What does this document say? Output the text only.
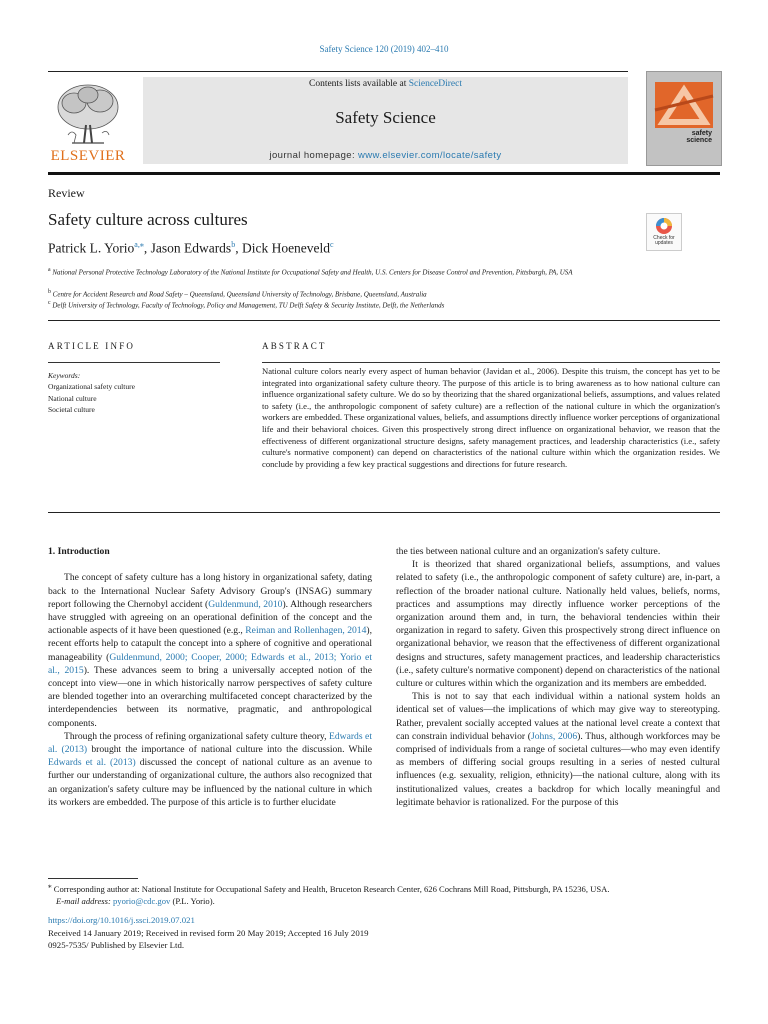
Safety Science 120 (2019) 402–410
ELSEVIER
Contents lists available at ScienceDirect
Safety Science
journal homepage: www.elsevier.com/locate/safety
safety
science
Review
Safety culture across cultures
Patrick L. Yorio$^{a,⁎}$, Jason Edwards$^b$, Dick Hoeneveld$^c$
Check for
updates
$^a$ National Personal Protective Technology Laboratory of the National Institute for Occupational Safety and Health, U.S. Centers for Disease Control and Prevention, Pittsburgh, PA, USA
$^b$ Centre for Accident Research and Road Safety – Queensland, Queensland University of Technology, Brisbane, Queensland, Australia
$^c$ Delft University of Technology, Faculty of Technology, Policy and Management, TU Delft Safety & Security Institute, Delft, the Netherlands
ARTICLE INFO	ABSTRACT
Keywords:
Organizational safety culture
National culture
Societal culture
National culture colors nearly every aspect of human behavior (Javidan et al., 2006). Despite this truism, the concept has yet to be integrated into organizational safety culture theory. The purpose of this article is to bring awareness as to how national culture can influence organizational safety culture. We do so by theorizing that the shared organizational beliefs, assumptions, and values related to safety (i.e., the anthropologic component of safety culture) are a reflection of the national culture in which the organization's workers are embedded. These organizational values, beliefs, and assumptions directly influence worker perceptions of organizational life and their behavioral choices. Given this prospectively strong direct influence on organizational behavior, we reason that the effectiveness of different organizational structure designs, safety management practices, and leadership characteristics (i.e., safety culture's normative component) can depend on characteristics of the national culture within which the organization resides. We conclude by providing a few key practical suggestions and directions for future research.

1. Introduction

The concept of safety culture has a long history in organizational safety, dating back to the International Nuclear Safety Advisory Group's (INSAG) summary report following the Chernobyl accident (Guldenmund, 2010). Although researchers have struggled with agreeing on an operational definition of the concept and the actionable aspects of it have been questioned (e.g., Reiman and Rollenhagen, 2014), recent efforts help to catapult the concept into a sphere of cognitive and operational manageability (Guldenmund, 2000; Cooper, 2000; Edwards et al., 2013; Yorio et al., 2015). These advances seem to bring a universally accepted notion of the concept into view—one in which historically narrow perspectives of safety culture are blended together into an overarching multifaceted concept characterized by the interdependencies between its normative, pragmatic, and anthropological components.

Through the process of refining organizational safety culture theory, Edwards et al. (2013) brought the importance of national culture into the discussion. While Edwards et al. (2013) discussed the concept of national culture as an avenue to further our understanding of organizational culture, the authors also recognized that an organization's safety culture may be influenced by the national culture in which its workers are embedded. The purpose of this article is to further elucidate

the ties between national culture and an organization's safety culture.

It is theorized that shared organizational beliefs, assumptions, and values related to safety (i.e., the anthropologic component of safety culture) are, in-part, a reflection of the broader national culture. Nationally held values, beliefs, norms, practices and assumptions may directly influence worker perceptions of the organization around them and, in turn, the behavioral tendencies within their organization in regard to safety. Given this prospectively strong direct influence on organizational behavior, we reason that the effectiveness of different organizational designs and structures, safety management practices, and leadership characteristics (i.e., safety culture's normative component) depend on characteristics of the national culture or cultures within which the organization and its members are embedded.

This is not to say that each individual within a national system holds an identical set of values—the implications of which may give way to stereotyping. Rather, prevalent socially accepted values at the national level create a context that can constrain individual behavior (Johns, 2006). Thus, although workforces may be comprised of individuals from a range of societal cultures—who may even identify as members of differing social groups resulting in a series of nested cultural influences (e.g. sexuality, religion, ethnicity)—the national culture, along with its institutionalized values, creates a backdrop for which locally meaningful and legitimate behavior is rationalized. For the purpose of this

⁎ Corresponding author at: National Institute for Occupational Safety and Health, Bruceton Research Center, 626 Cochrans Mill Road, Pittsburgh, PA 15236, USA.
E-mail address: pyorio@cdc.gov (P.L. Yorio).
https://doi.org/10.1016/j.ssci.2019.07.021
Received 14 January 2019; Received in revised form 20 May 2019; Accepted 16 July 2019
0925-7535/ Published by Elsevier Ltd.
